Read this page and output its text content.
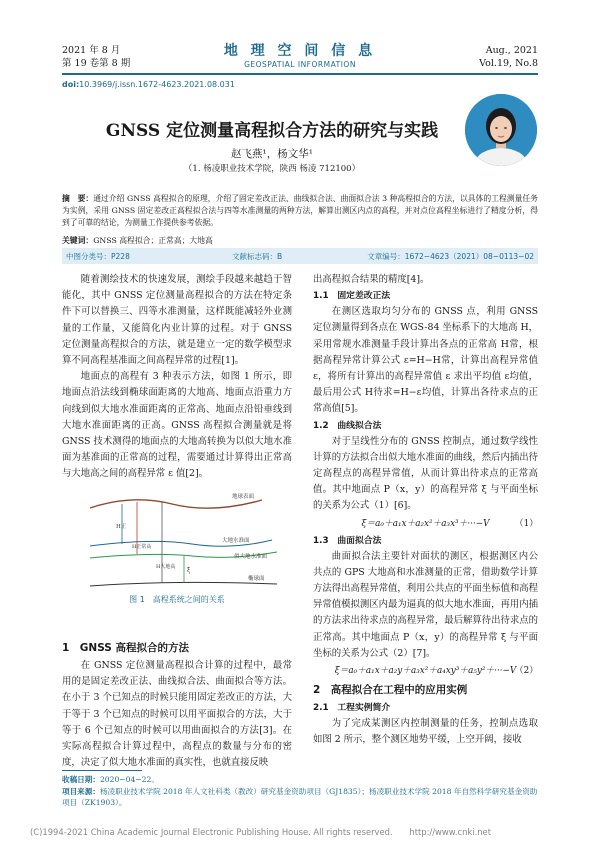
2021 年 8 月
第 19 卷第 8 期
地 理 空 间 信 息
GEOSPATIAL INFORMATION
Aug., 2021
Vol.19, No.8
doi:10.3969/j.issn.1672-4623.2021.08.031
GNSS 定位测量高程拟合方法的研究与实践
赵飞燕¹，杨文华¹
（1. 杨凌职业技术学院，陕西 杨凌 712100）
摘　要：通过介绍 GNSS 高程拟合的原理，介绍了固定差改正法、曲线拟合法、曲面拟合法 3 种高程拟合的方法，以具体的工程测量任务为实例，采用 GNSS 固定差改正高程拟合法与四等水准测量的两种方法，解算出测区内点的高程，并对点位高程坐标进行了精度分析，得到了可靠的结论，为测量工作提供参考依据。
关键词：GNSS 高程拟合；正常高；大地高
中图分类号：P228	文献标志码：B	文章编号：1672−4623（2021）08−0113−02

随着测绘技术的快速发展，测绘手段越来越趋于智能化，其中 GNSS 定位测量高程拟合的方法在特定条件下可以替换三、四等水准测量，这样既能减轻外业测量的工作量，又能简化内业计算的过程。对于 GNSS 定位测量高程拟合的方法，就是建立一定的数学模型求算不同高程基准面之间高程异常的过程[1]。

地面点的高程有 3 种表示方法，如图 1 所示，即地面点沿法线到椭球面距离的大地高、地面点沿重力方向线到似大地水准面距离的正常高、地面点沿铅垂线到大地水准面距离的正高。GNSS 高程拟合测量就是将 GNSS 技术测得的地面点的大地高转换为以似大地水准面为基准面的正常高的过程，需要通过计算得出正常高与大地高之间的高程异常 ε 值[2]。

地球表面
大地水准面
似大地水准面
椭球面
H正
H正常高
H大地高 ξ
图 1　高程系统之间的关系

1　GNSS 高程拟合的方法

在 GNSS 定位测量高程拟合计算的过程中，最常用的是固定差改正法、曲线拟合法、曲面拟合等方法。在小于 3 个已知点的时候只能用固定差改正的方法，大于等于 3 个已知点的时候可以用平面拟合的方法，大于等于 6 个已知点的时候可以用曲面拟合的方法[3]。在实际高程拟合计算过程中，高程点的数量与分布的密度，决定了似大地水准面的真实性，也就直接反映

出高程拟合结果的精度[4]。

1.1　固定差改正法

在测区选取均匀分布的 GNSS 点，利用 GNSS 定位测量得到各点在 WGS-84 坐标系下的大地高 H，采用常规水准测量手段计算出各点的正常高 H常，根据高程异常计算公式 ε=H−H常，计算出高程异常值 ε，将所有计算出的高程异常值 ε 求出平均值 ε均值，最后用公式 H待求=H−ε均值，计算出各待求点的正常高值[5]。

1.2　曲线拟合法

对于呈线性分布的 GNSS 控制点，通过数学线性计算的方法拟合出似大地水准面的曲线，然后内插出待定高程点的高程异常值，从而计算出待求点的正常高值。其中地面点 P（x，y）的高程异常 ξ 与平面坐标的关系为公式（1）[6]。

ξ＝a₀＋a₁x＋a₂x²＋a₃x³＋···−V	（1）

1.3　曲面拟合法

曲面拟合法主要针对面状的测区，根据测区内公共点的 GPS 大地高和水准测量的正常，借助数学计算方法得出高程异常值，利用公共点的平面坐标值和高程异常值模拟测区内最为逼真的似大地水准面，再用内插的方法求出待求点的高程异常，最后解算待出待求点的正常高。其中地面点 P（x，y）的高程异常 ξ 与平面坐标的关系为公式（2）[7]。

ξ＝a₀＋a₁x＋a₂y＋a₃x²＋a₄xy³＋a₅y²＋···−V
（2）

2　高程拟合在工程中的应用实例

2.1　工程实例简介

为了完成某测区内控制测量的任务，控制点选取如图 2 所示，整个测区地势平缓，上空开阔，接收

收稿日期：2020−04−22。
项目来源：杨凌职业技术学院 2018 年人文社科类（教改）研究基金资助项目（GJ1835）；杨凌职业技术学院 2018 年自然科学研究基金资助项目（ZK1903）。
(C)1994-2021 China Academic Journal Electronic Publishing House. All rights reserved.　　http://www.cnki.net
